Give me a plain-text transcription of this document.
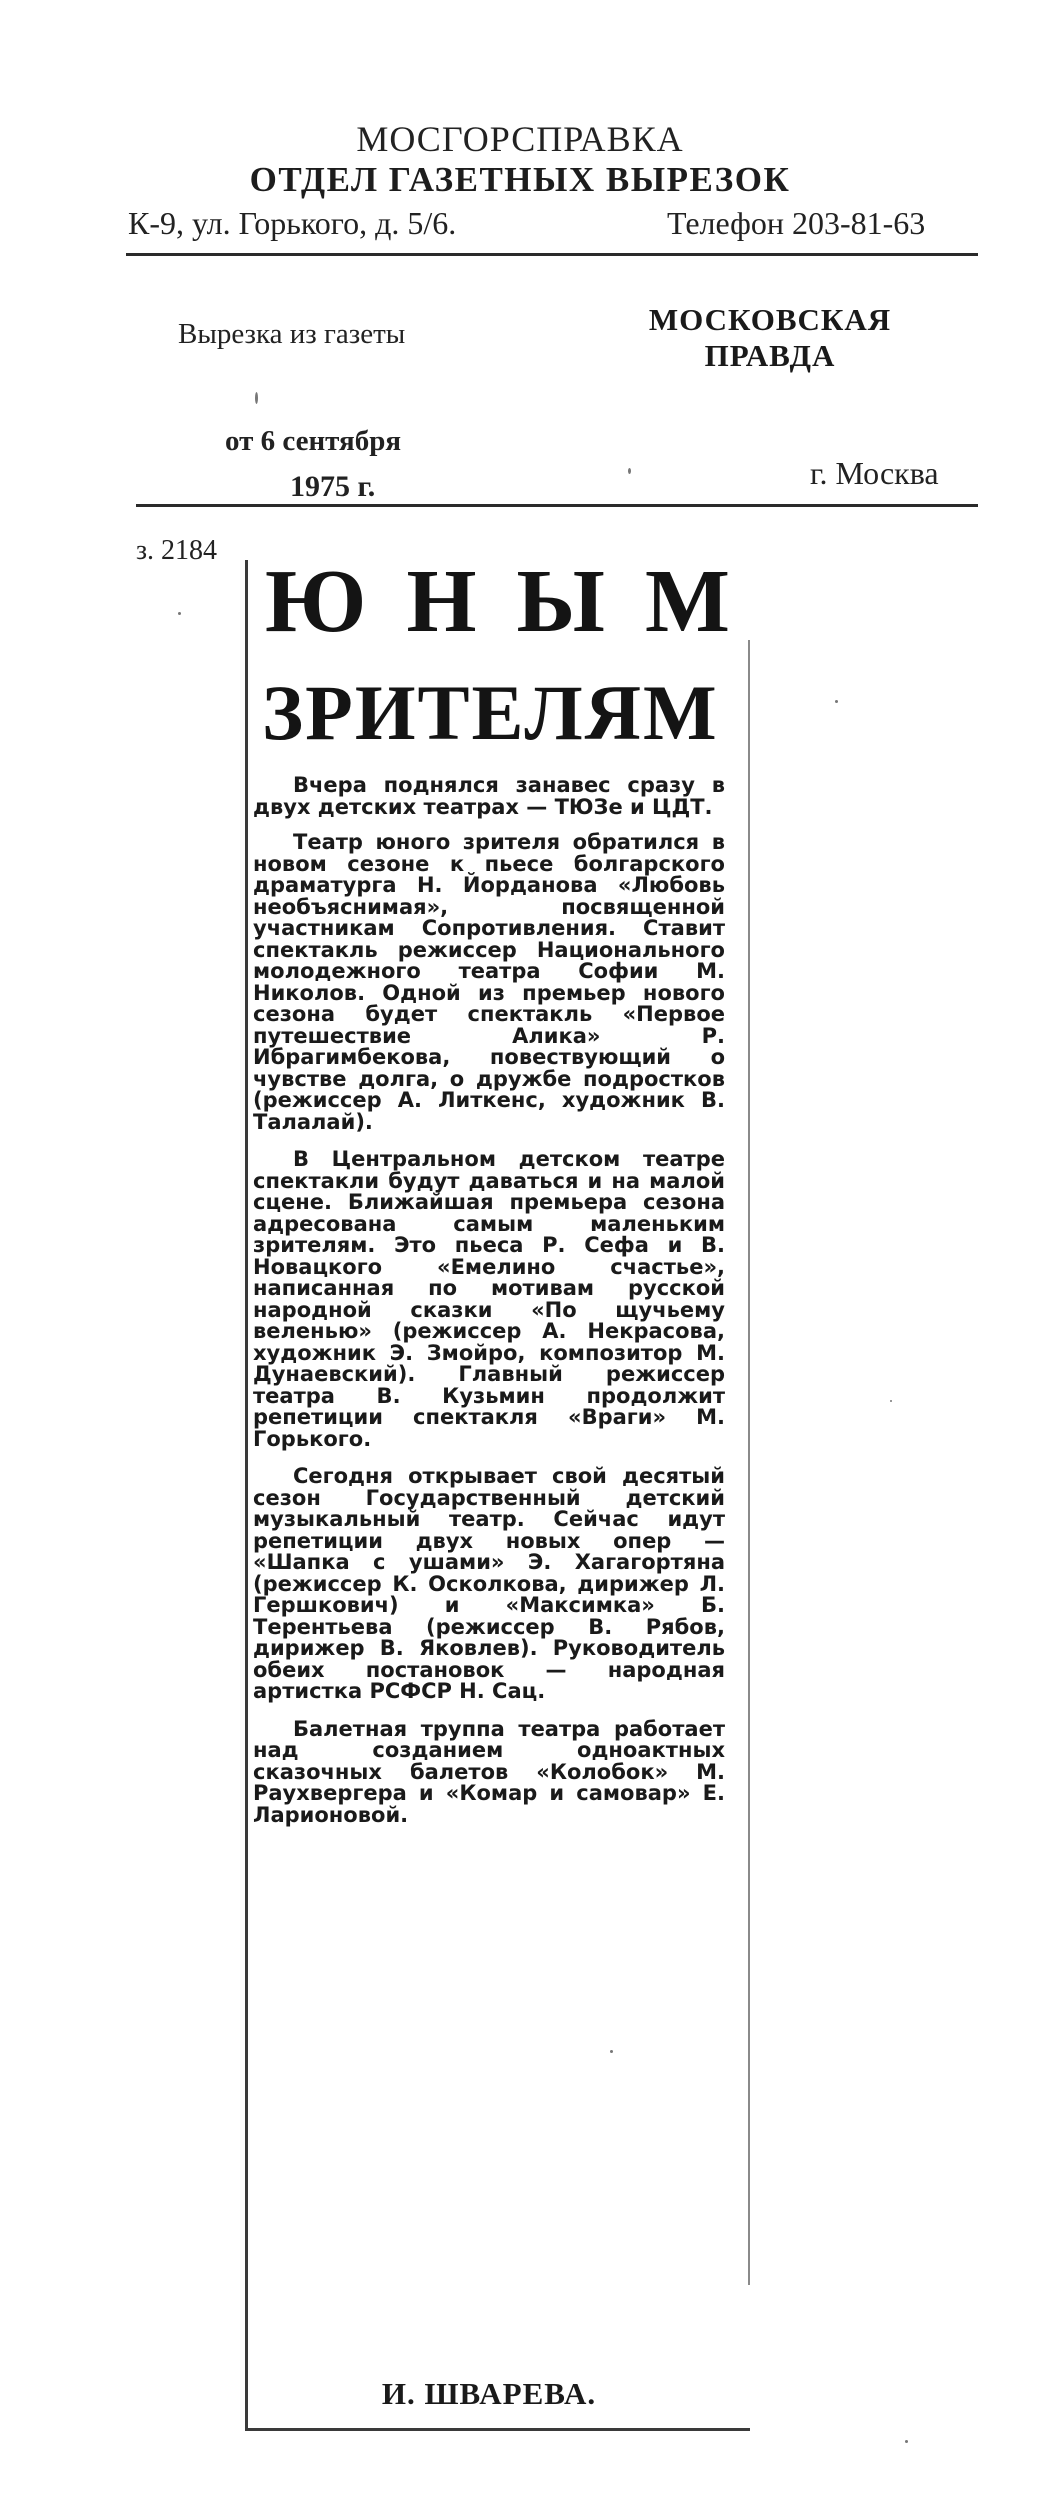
МОСГОРСПРАВКА
ОТДЕЛ ГАЗЕТНЫХ ВЫРЕЗОК
К-9, ул. Горького, д. 5/6.	Телефон 203-81-63
Вырезка из газеты	МОСКОВСКАЯ
ПРАВДА
от 6 сентября
1975 г.	г. Москва
з. 2184
Ю Н Ы М
ЗРИТЕЛЯМ

Вчера поднялся занавес сразу в двух детских театрах — ТЮЗе и ЦДТ.

Театр юного зрителя обратился в новом сезоне к пьесе болгарского драматурга Н. Йорданова «Любовь необъяснимая», посвященной участникам Сопротивления. Ставит спектакль режиссер Национального молодежного театра Софии М. Николов. Одной из премьер нового сезона будет спектакль «Первое путешествие Алика» Р. Ибрагимбекова, повествующий о чувстве долга, о дружбе подростков (режиссер А. Литкенс, художник В. Талалай).

В Центральном детском театре спектакли будут даваться и на малой сцене. Ближайшая премьера сезона адресована самым маленьким зрителям. Это пьеса Р. Сефа и В. Новацкого «Емелино счастье», написанная по мотивам русской народной сказки «По щучьему веленью» (режиссер А. Некрасова, художник Э. Змойро, композитор М. Дунаевский). Главный режиссер театра В. Кузьмин продолжит репетиции спектакля «Враги» М. Горького.

Сегодня открывает свой десятый сезон Государственный детский музыкальный театр. Сейчас идут репетиции двух новых опер — «Шапка с ушами» Э. Хагагортяна (режиссер К. Осколкова, дирижер Л. Гершкович) и «Максимка» Б. Терентьева (режиссер В. Рябов, дирижер В. Яковлев). Руководитель обеих постановок — народная артистка РСФСР Н. Сац.

Балетная труппа театра работает над созданием одноактных сказочных балетов «Колобок» М. Раухвергера и «Комар и самовар» Е. Ларионовой.

И. ШВАРЕВА.
